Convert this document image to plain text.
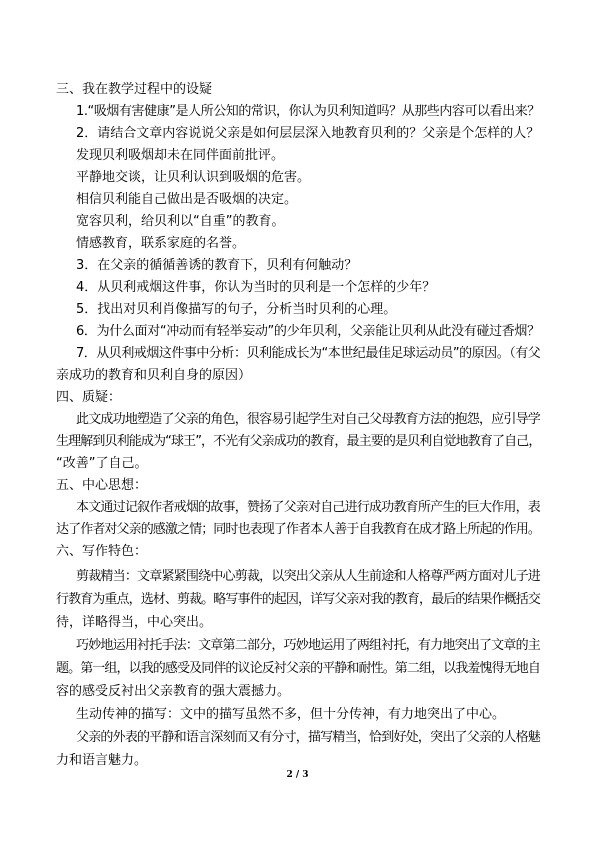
三、我在教学过程中的设疑
1.“吸烟有害健康”是人所公知的常识，你认为贝利知道吗？从那些内容可以看出来？
2．请结合文章内容说说父亲是如何层层深入地教育贝利的？父亲是个怎样的人？
发现贝利吸烟却未在同伴面前批评。
平静地交谈，让贝利认识到吸烟的危害。
相信贝利能自己做出是否吸烟的决定。
宽容贝利，给贝利以“自重”的教育。
情感教育，联系家庭的名誉。
3．在父亲的循循善诱的教育下，贝利有何触动？
4．从贝利戒烟这件事，你认为当时的贝利是一个怎样的少年？
5．找出对贝利肖像描写的句子，分析当时贝利的心理。
6．为什么面对“冲动而有轻举妄动”的少年贝利，父亲能让贝利从此没有碰过香烟？
7．从贝利戒烟这件事中分析：贝利能成长为“本世纪最佳足球运动员”的原因。（有父
亲成功的教育和贝利自身的原因）
四、质疑：
此文成功地塑造了父亲的角色，很容易引起学生对自己父母教育方法的抱怨，应引导学
生理解到贝利能成为“球王”，不光有父亲成功的教育，最主要的是贝利自觉地教育了自己，
“改善”了自己。
五、中心思想：
本文通过记叙作者戒烟的故事，赞扬了父亲对自己进行成功教育所产生的巨大作用，表
达了作者对父亲的感激之情；同时也表现了作者本人善于自我教育在成才路上所起的作用。
六、写作特色：
剪裁精当：文章紧紧围绕中心剪裁，以突出父亲从人生前途和人格尊严两方面对儿子进
行教育为重点，选材、剪裁。略写事件的起因，详写父亲对我的教育，最后的结果作概括交
待，详略得当，中心突出。
巧妙地运用衬托手法：文章第二部分，巧妙地运用了两组衬托，有力地突出了文章的主
题。第一组，以我的感受及同伴的议论反衬父亲的平静和耐性。第二组，以我羞愧得无地自
容的感受反衬出父亲教育的强大震撼力。
生动传神的描写：文中的描写虽然不多，但十分传神，有力地突出了中心。
父亲的外表的平静和语言深刻而又有分寸，描写精当，恰到好处，突出了父亲的人格魅
力和语言魅力。
2 / 3
